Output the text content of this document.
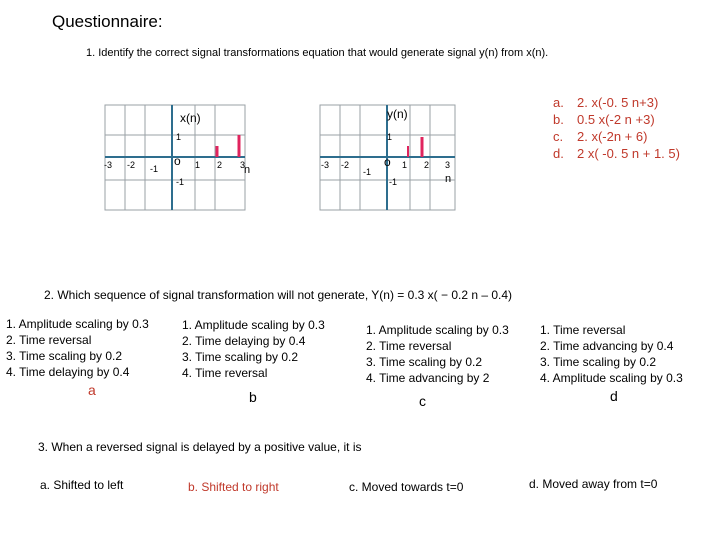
Questionnaire:
1. Identify the correct signal transformations equation that would generate signal y(n) from x(n).
x(n)
1
-1
-3 -2 -1
o 1 2 3
n
y(n)
1
-1
-3 -2
-1
o 1 2 3
n
a. 2. x(-0. 5 n+3)
b. 0.5 x(-2 n +3)
c. 2. x(-2n + 6)
d. 2 x( -0. 5 n + 1. 5)
2. Which sequence of signal transformation will not generate, Y(n) = 0.3 x( − 0.2 n – 0.4)
1. Amplitude scaling by 0.3
2. Time reversal
3. Time scaling by 0.2
4. Time delaying by 0.4
a
1. Amplitude scaling by 0.3
2. Time delaying by 0.4
3. Time scaling by 0.2
4. Time reversal
b
1. Amplitude scaling by 0.3
2. Time reversal
3. Time scaling by 0.2
4. Time advancing by 2
c
1. Time reversal
2. Time advancing by 0.4
3. Time scaling by 0.2
4. Amplitude scaling by 0.3
d
3. When a reversed signal is delayed by a positive value, it is
a. Shifted to left	b. Shifted to right	c. Moved towards t=0	d. Moved away from t=0
